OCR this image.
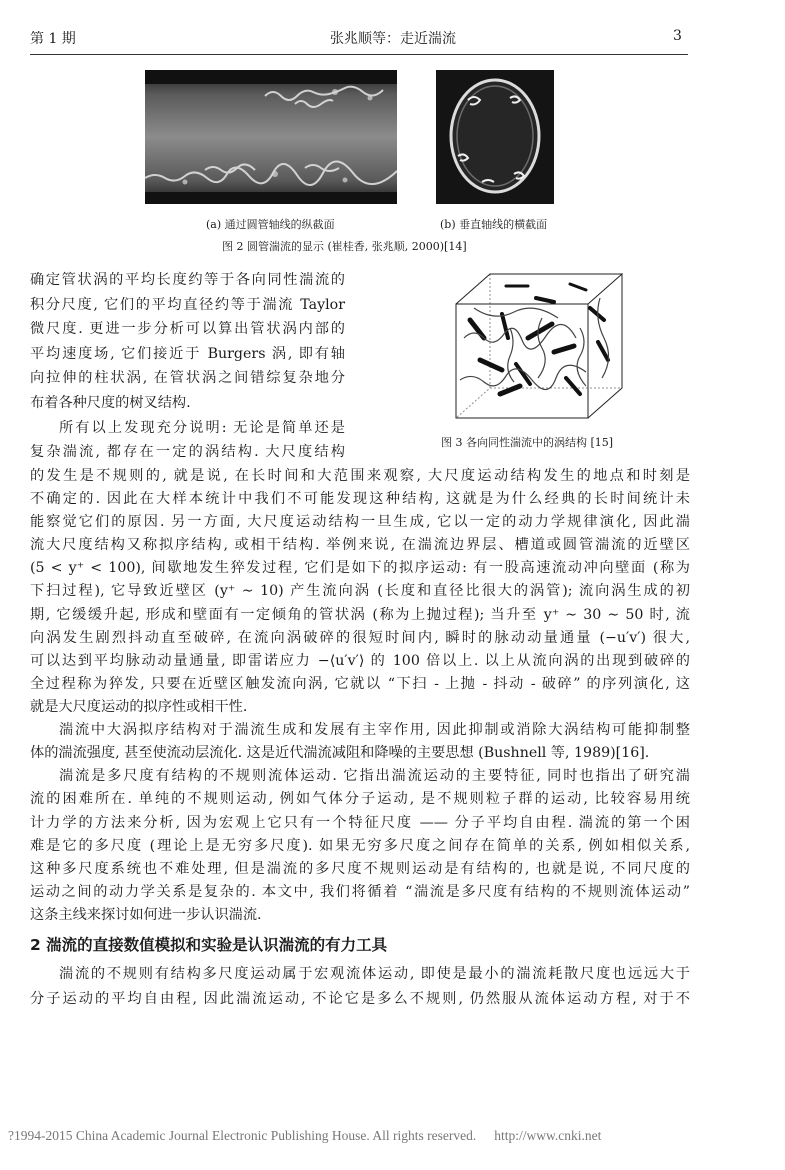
第 1 期	张兆顺等：走近湍流	3
(a) 通过圆管轴线的纵截面	(b) 垂直轴线的横截面
图 2 圆管湍流的显示 (崔桂香, 张兆顺, 2000)[14]
图 3 各向同性湍流中的涡结构 [15]
确定管状涡的平均长度约等于各向同性湍流的
积分尺度, 它们的平均直径约等于湍流 Taylor
微尺度. 更进一步分析可以算出管状涡内部的
平均速度场, 它们接近于 Burgers 涡, 即有轴
向拉伸的柱状涡, 在管状涡之间错综复杂地分
布着各种尺度的树叉结构.
所有以上发现充分说明: 无论是简单还是
复杂湍流, 都存在一定的涡结构. 大尺度结构
的发生是不规则的, 就是说, 在长时间和大范围来观察, 大尺度运动结构发生的地点和时刻是
不确定的. 因此在大样本统计中我们不可能发现这种结构, 这就是为什么经典的长时间统计未
能察觉它们的原因. 另一方面, 大尺度运动结构一旦生成, 它以一定的动力学规律演化, 因此湍
流大尺度结构又称拟序结构, 或相干结构. 举例来说, 在湍流边界层、槽道或圆管湍流的近壁区
(5 < y⁺ < 100), 间歇地发生猝发过程, 它们是如下的拟序运动: 有一股高速流动冲向壁面 (称为
下扫过程), 它导致近壁区 (y⁺ ∼ 10) 产生流向涡 (长度和直径比很大的涡管); 流向涡生成的初
期, 它缓缓升起, 形成和壁面有一定倾角的管状涡 (称为上抛过程); 当升至 y⁺ ∼ 30 ∼ 50 时, 流
向涡发生剧烈抖动直至破碎, 在流向涡破碎的很短时间内, 瞬时的脉动动量通量 (−u′v′) 很大,
可以达到平均脉动动量通量, 即雷诺应力 −⟨u′v′⟩ 的 100 倍以上. 以上从流向涡的出现到破碎的
全过程称为猝发, 只要在近壁区触发流向涡, 它就以 “下扫 - 上抛 - 抖动 - 破碎” 的序列演化, 这
就是大尺度运动的拟序性或相干性.
湍流中大涡拟序结构对于湍流生成和发展有主宰作用, 因此抑制或消除大涡结构可能抑制整
体的湍流强度, 甚至使流动层流化. 这是近代湍流减阻和降噪的主要思想 (Bushnell 等, 1989)[16].
湍流是多尺度有结构的不规则流体运动. 它指出湍流运动的主要特征, 同时也指出了研究湍
流的困难所在. 单纯的不规则运动, 例如气体分子运动, 是不规则粒子群的运动, 比较容易用统
计力学的方法来分析, 因为宏观上它只有一个特征尺度 —— 分子平均自由程. 湍流的第一个困
难是它的多尺度 (理论上是无穷多尺度). 如果无穷多尺度之间存在简单的关系, 例如相似关系,
这种多尺度系统也不难处理, 但是湍流的多尺度不规则运动是有结构的, 也就是说, 不同尺度的
运动之间的动力学关系是复杂的. 本文中, 我们将循着 “湍流是多尺度有结构的不规则流体运动”
这条主线来探讨如何进一步认识湍流.
2 湍流的直接数值模拟和实验是认识湍流的有力工具
湍流的不规则有结构多尺度运动属于宏观流体运动, 即使是最小的湍流耗散尺度也远远大于
分子运动的平均自由程, 因此湍流运动, 不论它是多么不规则, 仍然服从流体运动方程, 对于不
?1994-2015 China Academic Journal Electronic Publishing House. All rights reserved. http://www.cnki.net
